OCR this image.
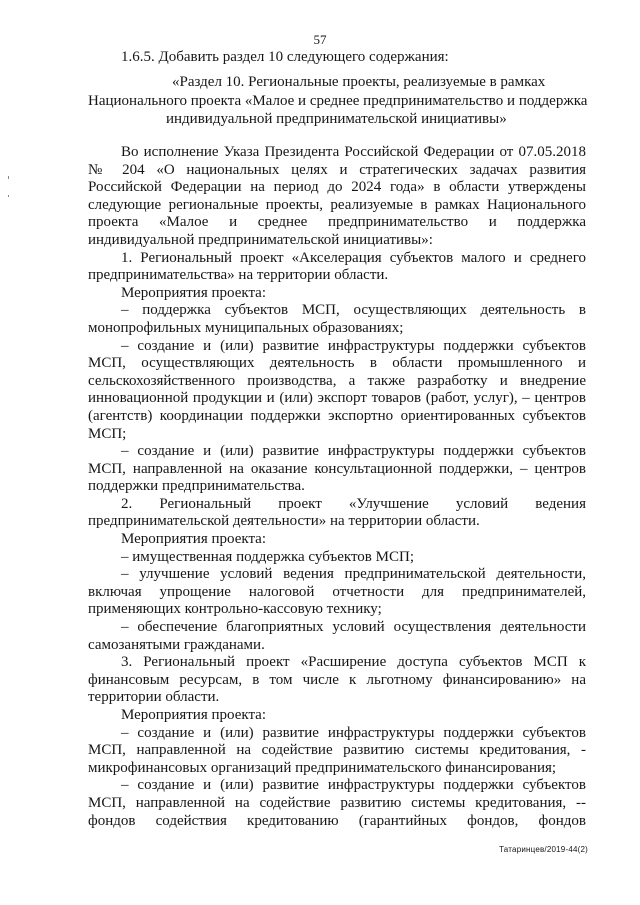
57
1.6.5. Добавить раздел 10 следующего содержания:
«Раздел 10. Региональные проекты, реализуемые в рамках
Национального проекта «Малое и среднее предпринимательство и поддержка
индивидуальной предпринимательской инициативы»

Во исполнение Указа Президента Российской Федерации от 07.05.2018 № 204 «О национальных целях и стратегических задачах развития Российской Федерации на период до 2024 года» в области утверждены следующие региональные проекты, реализуемые в рамках Национального проекта «Малое и среднее предпринимательство и поддержка индивидуальной предпринимательской инициативы»:

1. Региональный проект «Акселерация субъектов малого и среднего предпринимательства» на территории области.

Мероприятия проекта:

– поддержка субъектов МСП, осуществляющих деятельность в монопрофильных муниципальных образованиях;

– создание и (или) развитие инфраструктуры поддержки субъектов МСП, осуществляющих деятельность в области промышленного и сельскохозяйственного производства, а также разработку и внедрение инновационной продукции и (или) экспорт товаров (работ, услуг), – центров (агентств) координации поддержки экспортно ориентированных субъектов МСП;

– создание и (или) развитие инфраструктуры поддержки субъектов МСП, направленной на оказание консультационной поддержки, – центров поддержки предпринимательства.

2. Региональный проект «Улучшение условий ведения предпринимательской деятельности» на территории области.

Мероприятия проекта:

– имущественная поддержка субъектов МСП;

– улучшение условий ведения предпринимательской деятельности, включая упрощение налоговой отчетности для предпринимателей, применяющих контрольно-кассовую технику;

– обеспечение благоприятных условий осуществления деятельности самозанятыми гражданами.

3. Региональный проект «Расширение доступа субъектов МСП к финансовым ресурсам, в том числе к льготному финансированию» на территории области.

Мероприятия проекта:

– создание и (или) развитие инфраструктуры поддержки субъектов МСП, направленной на содействие развитию системы кредитования, - микрофинансовых организаций предпринимательского финансирования;

– создание и (или) развитие инфраструктуры поддержки субъектов МСП, направленной на содействие развитию системы кредитования, -- фондов содействия кредитованию (гарантийных фондов, фондов

Татаринцев/2019-44(2)
